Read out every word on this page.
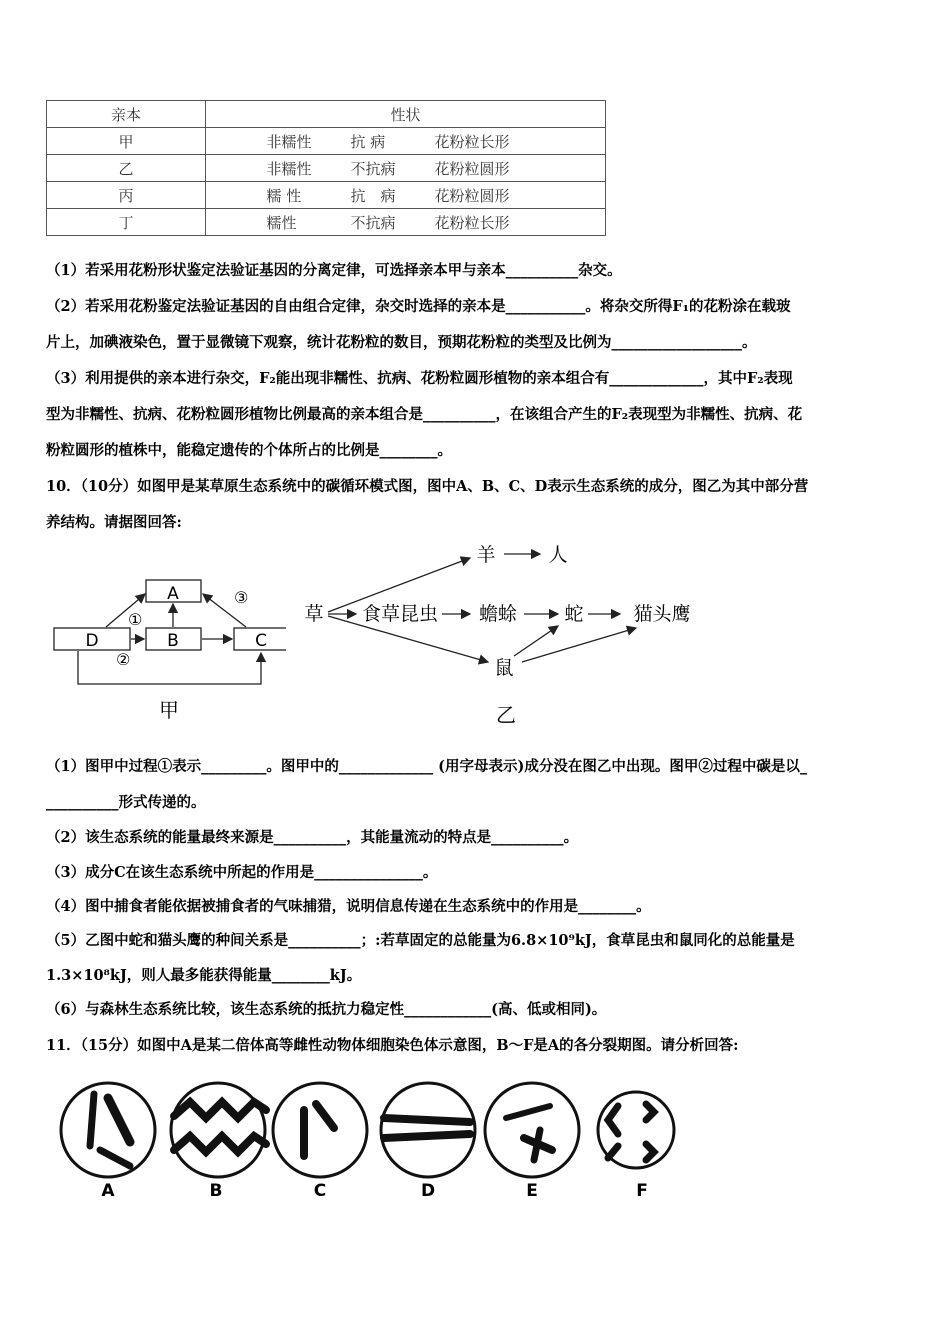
亲本	性状
甲	非糯性 抗 病 花粉粒长形
乙	非糯性 不抗病 花粉粒圆形
丙	糯 性 抗　病 花粉粒圆形
丁	糯性 不抗病 花粉粒长形
（1）若采用花粉形状鉴定法验证基因的分离定律，可选择亲本甲与亲本__________杂交。
（2）若采用花粉鉴定法验证基因的自由组合定律，杂交时选择的亲本是___________。将杂交所得F₁的花粉涂在载玻
片上，加碘液染色，置于显微镜下观察，统计花粉粒的数目，预期花粉粒的类型及比例为__________________。
（3）利用提供的亲本进行杂交，F₂能出现非糯性、抗病、花粉粒圆形植物的亲本组合有_____________，其中F₂表现
型为非糯性、抗病、花粉粒圆形植物比例最高的亲本组合是__________，在该组合产生的F₂表现型为非糯性、抗病、花
粉粒圆形的植株中，能稳定遗传的个体所占的比例是________。
10．（10分）如图甲是某草原生态系统中的碳循环模式图，图中A、B、C、D表示生态系统的成分，图乙为其中部分营
养结构。请据图回答:
A
D	B	C
①
②
③
甲
草 食草昆虫 蟾蜍 蛇	猫头鹰
羊	人
鼠
乙
（1）图甲中过程①表示_________。图甲中的_____________ (用字母表示)成分没在图乙中出现。图甲②过程中碳是以_
__________形式传递的。
（2）该生态系统的能量最终来源是__________，其能量流动的特点是__________。
（3）成分C在该生态系统中所起的作用是_______________。
（4）图中捕食者能依据被捕食者的气味捕猎，说明信息传递在生态系统中的作用是________。
（5）乙图中蛇和猫头鹰的种间关系是__________；:若草固定的总能量为6.8×10⁹kJ，食草昆虫和鼠同化的总能量是
1.3×10⁸kJ，则人最多能获得能量________kJ。
（6）与森林生态系统比较，该生态系统的抵抗力稳定性____________(高、低或相同)。
11．（15分）如图中A是某二倍体高等雌性动物体细胞染色体示意图，B～F是A的各分裂期图。请分析回答:
A	B	C	D	E	F
